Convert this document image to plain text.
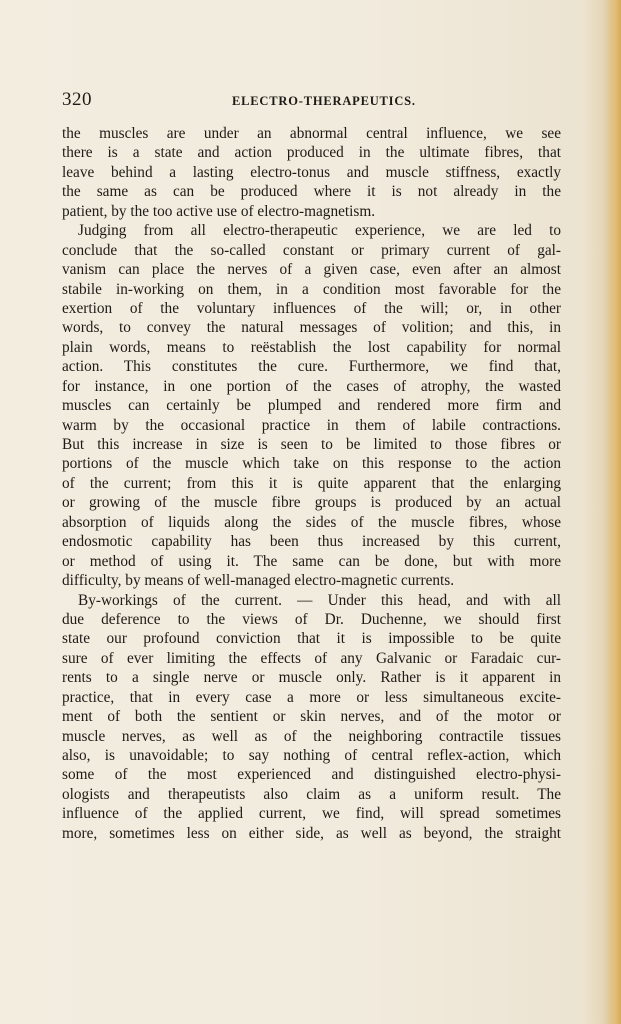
320	ELECTRO-THERAPEUTICS.
the muscles are under an abnormal central influence, we see
there is a state and action produced in the ultimate fibres, that
leave behind a lasting electro-tonus and muscle stiffness, exactly
the same as can be produced where it is not already in the
patient, by the too active use of electro-magnetism.
Judging from all electro-therapeutic experience, we are led to
conclude that the so-called constant or primary current of gal-
vanism can place the nerves of a given case, even after an almost
stabile in-working on them, in a condition most favorable for the
exertion of the voluntary influences of the will; or, in other
words, to convey the natural messages of volition; and this, in
plain words, means to reëstablish the lost capability for normal
action. This constitutes the cure. Furthermore, we find that,
for instance, in one portion of the cases of atrophy, the wasted
muscles can certainly be plumped and rendered more firm and
warm by the occasional practice in them of labile contractions.
But this increase in size is seen to be limited to those fibres or
portions of the muscle which take on this response to the action
of the current; from this it is quite apparent that the enlarging
or growing of the muscle fibre groups is produced by an actual
absorption of liquids along the sides of the muscle fibres, whose
endosmotic capability has been thus increased by this current,
or method of using it. The same can be done, but with more
difficulty, by means of well-managed electro-magnetic currents.
By-workings of the current. — Under this head, and with all
due deference to the views of Dr. Duchenne, we should first
state our profound conviction that it is impossible to be quite
sure of ever limiting the effects of any Galvanic or Faradaic cur-
rents to a single nerve or muscle only. Rather is it apparent in
practice, that in every case a more or less simultaneous excite-
ment of both the sentient or skin nerves, and of the motor or
muscle nerves, as well as of the neighboring contractile tissues
also, is unavoidable; to say nothing of central reflex-action, which
some of the most experienced and distinguished electro-physi-
ologists and therapeutists also claim as a uniform result. The
influence of the applied current, we find, will spread sometimes
more, sometimes less on either side, as well as beyond, the straight
